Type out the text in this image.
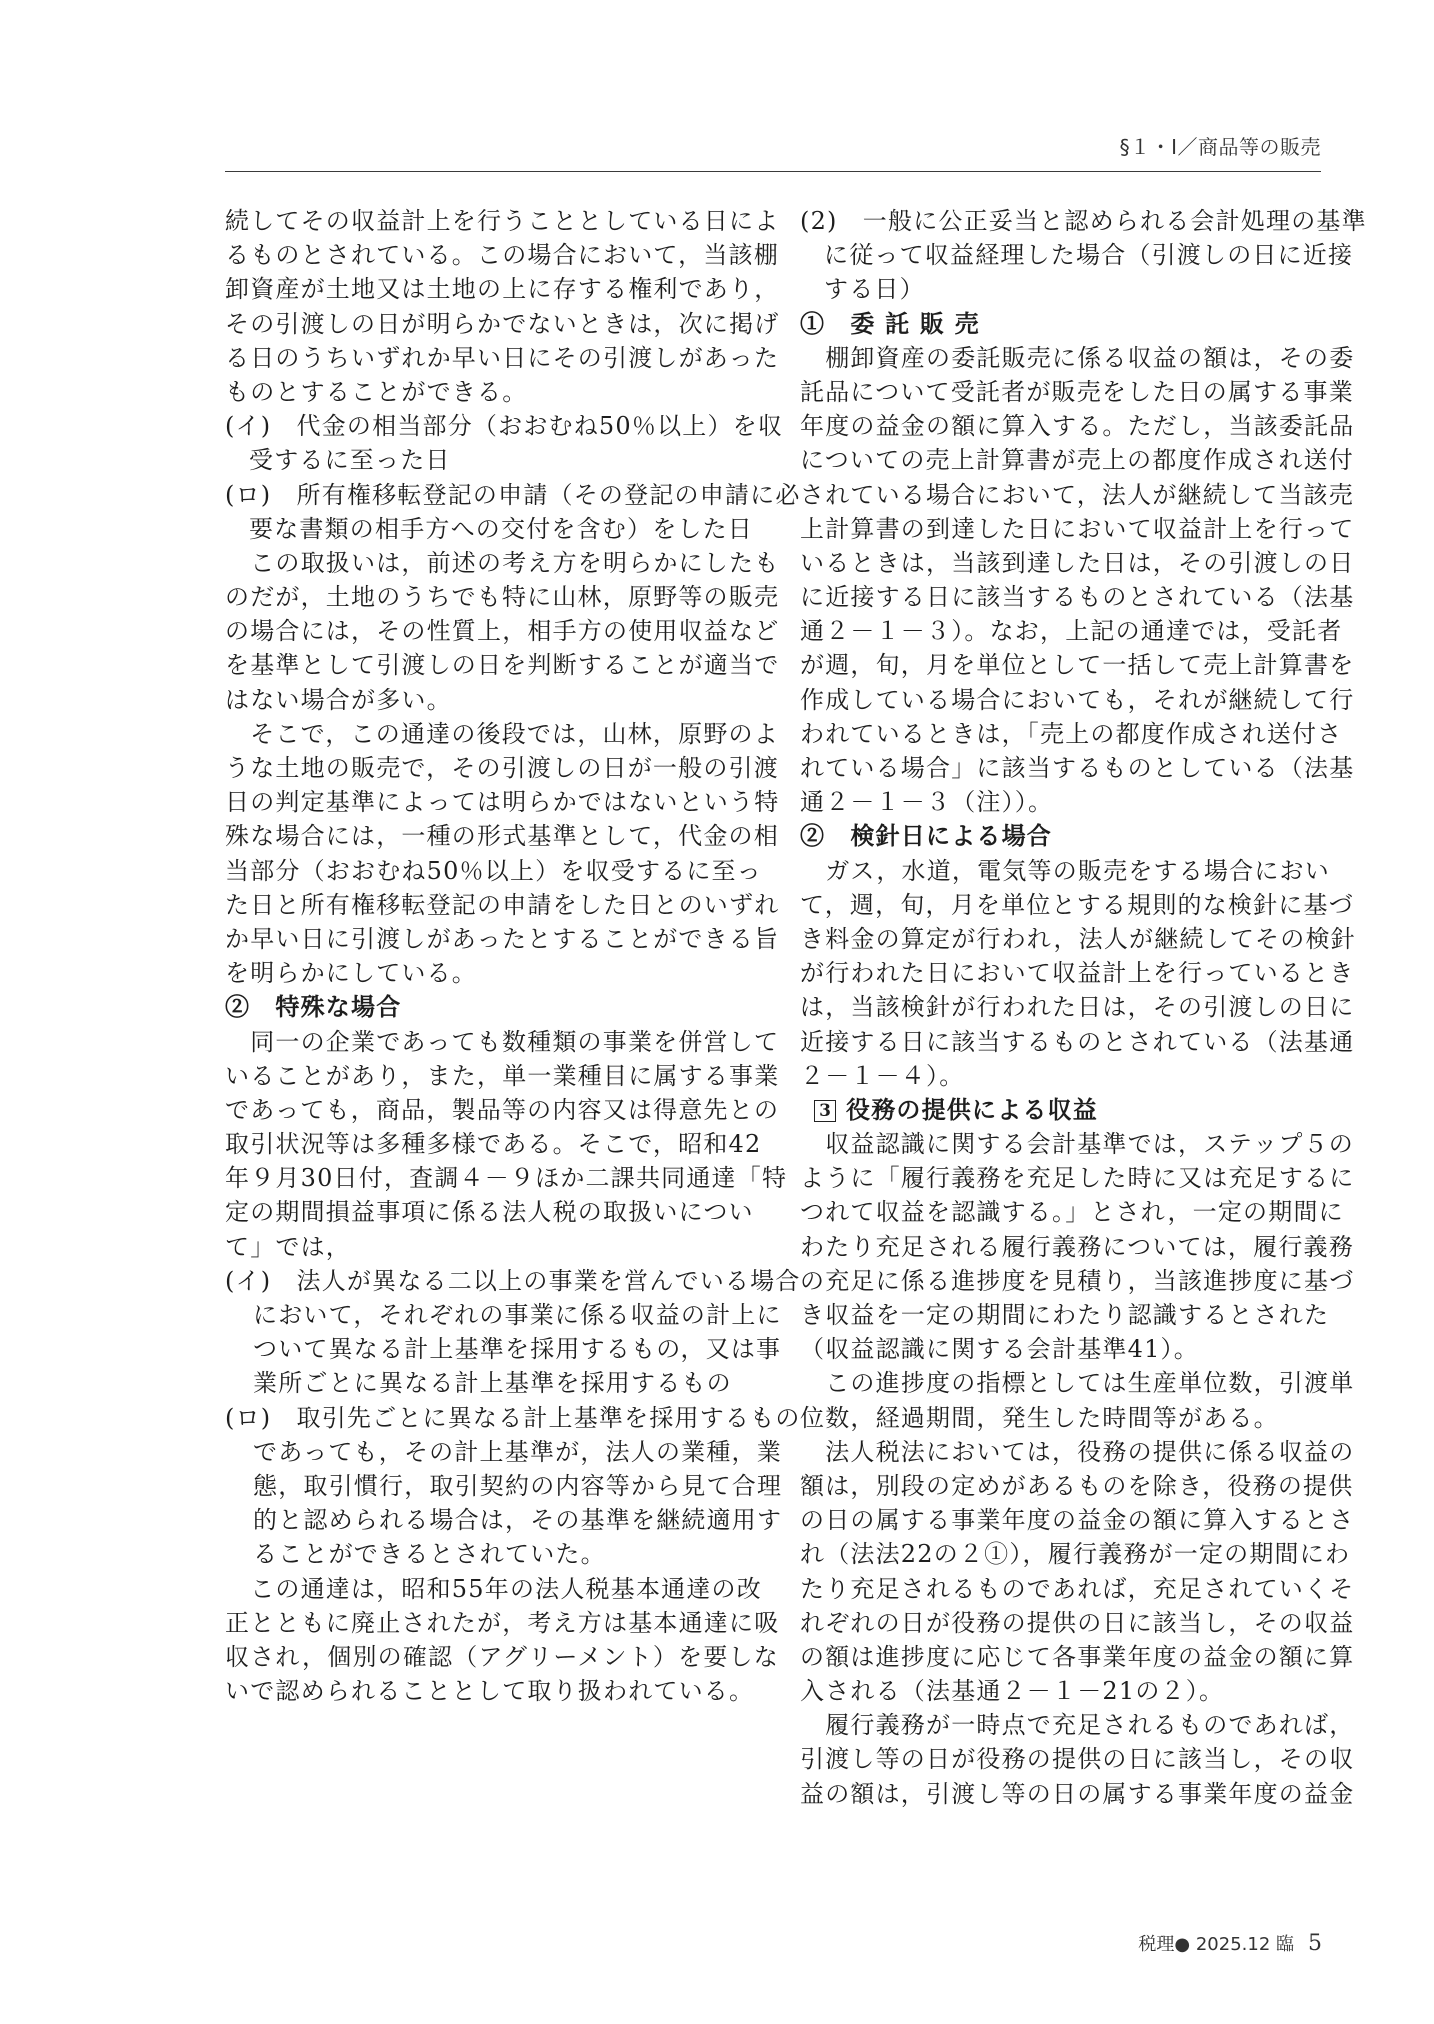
§１・Ⅰ／商品等の販売
続してその収益計上を行うこととしている日によ
るものとされている。この場合において，当該棚
卸資産が土地又は土地の上に存する権利であり，
その引渡しの日が明らかでないときは，次に掲げ
る日のうちいずれか早い日にその引渡しがあった
ものとすることができる。
(イ)　代金の相当部分（おおむね50％以上）を収
受するに至った日
(ロ)　所有権移転登記の申請（その登記の申請に必
要な書類の相手方への交付を含む）をした日
　この取扱いは，前述の考え方を明らかにしたも
のだが，土地のうちでも特に山林，原野等の販売
の場合には，その性質上，相手方の使用収益など
を基準として引渡しの日を判断することが適当で
はない場合が多い。
　そこで，この通達の後段では，山林，原野のよ
うな土地の販売で，その引渡しの日が一般の引渡
日の判定基準によっては明らかではないという特
殊な場合には，一種の形式基準として，代金の相
当部分（おおむね50％以上）を収受するに至っ
た日と所有権移転登記の申請をした日とのいずれ
か早い日に引渡しがあったとすることができる旨
を明らかにしている。
②　特殊な場合
　同一の企業であっても数種類の事業を併営して
いることがあり，また，単一業種目に属する事業
であっても，商品，製品等の内容又は得意先との
取引状況等は多種多様である。そこで，昭和42
年９月30日付，査調４－９ほか二課共同通達「特
定の期間損益事項に係る法人税の取扱いについ
て」では，
(イ)　法人が異なる二以上の事業を営んでいる場合
において，それぞれの事業に係る収益の計上に
ついて異なる計上基準を採用するもの，又は事
業所ごとに異なる計上基準を採用するもの
(ロ)　取引先ごとに異なる計上基準を採用するもの
であっても，その計上基準が，法人の業種，業
態，取引慣行，取引契約の内容等から見て合理
的と認められる場合は，その基準を継続適用す
ることができるとされていた。
　この通達は，昭和55年の法人税基本通達の改
正とともに廃止されたが，考え方は基本通達に吸
収され，個別の確認（アグリーメント）を要しな
いで認められることとして取り扱われている。
(2)　一般に公正妥当と認められる会計処理の基準
に従って収益経理した場合（引渡しの日に近接
する日）
①　委 託 販 売
　棚卸資産の委託販売に係る収益の額は，その委
託品について受託者が販売をした日の属する事業
年度の益金の額に算入する。ただし，当該委託品
についての売上計算書が売上の都度作成され送付
されている場合において，法人が継続して当該売
上計算書の到達した日において収益計上を行って
いるときは，当該到達した日は，その引渡しの日
に近接する日に該当するものとされている（法基
通２－１－３）。なお，上記の通達では，受託者
が週，旬，月を単位として一括して売上計算書を
作成している場合においても，それが継続して行
われているときは，「売上の都度作成され送付さ
れている場合」に該当するものとしている（法基
通２－１－３（注））。
②　検針日による場合
　ガス，水道，電気等の販売をする場合におい
て，週，旬，月を単位とする規則的な検針に基づ
き料金の算定が行われ，法人が継続してその検針
が行われた日において収益計上を行っているとき
は，当該検針が行われた日は，その引渡しの日に
近接する日に該当するものとされている（法基通
２－１－４）。
3 役務の提供による収益
　収益認識に関する会計基準では，ステップ５の
ように「履行義務を充足した時に又は充足するに
つれて収益を認識する。」とされ，一定の期間に
わたり充足される履行義務については，履行義務
の充足に係る進捗度を見積り，当該進捗度に基づ
き収益を一定の期間にわたり認識するとされた
（収益認識に関する会計基準41）。
　この進捗度の指標としては生産単位数，引渡単
位数，経過期間，発生した時間等がある。
　法人税法においては，役務の提供に係る収益の
額は，別段の定めがあるものを除き，役務の提供
の日の属する事業年度の益金の額に算入するとさ
れ（法法22の２①），履行義務が一定の期間にわ
たり充足されるものであれば，充足されていくそ
れぞれの日が役務の提供の日に該当し，その収益
の額は進捗度に応じて各事業年度の益金の額に算
入される（法基通２－１－21の２）。
　履行義務が一時点で充足されるものであれば，
引渡し等の日が役務の提供の日に該当し，その収
益の額は，引渡し等の日の属する事業年度の益金
税理● 2025.12 臨 5
